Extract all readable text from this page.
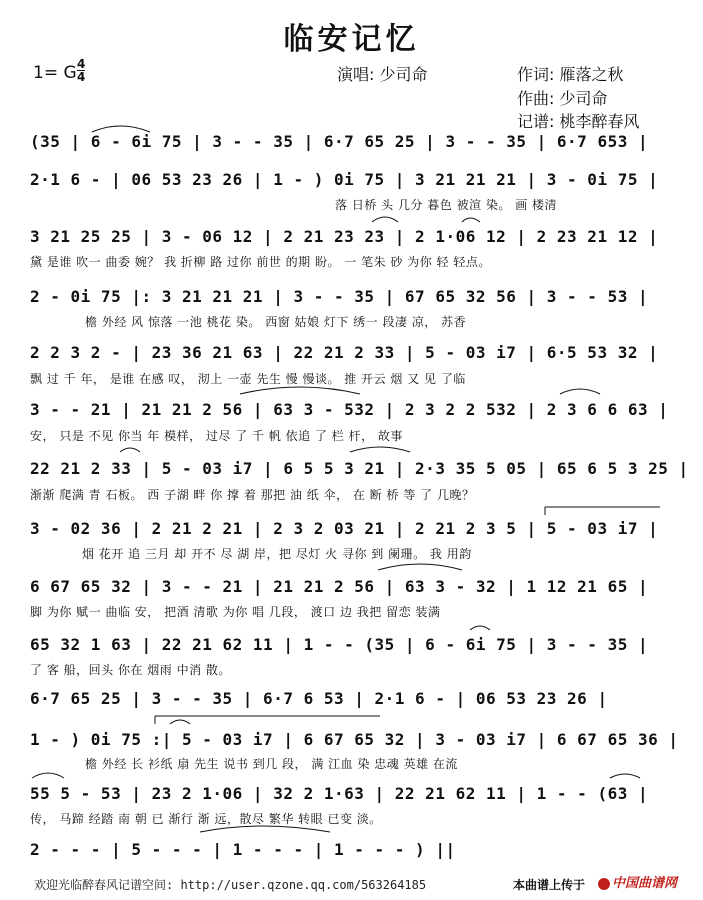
临安记忆
1= G 4
4	演唱: 少司命	作词: 雁落之秋
作曲: 少司命
记谱: 桃李醉春风
(35 | 6 - 6i 75 | 3 - - 35 | 6·7 65 25 | 3 - - 35 | 6·7 653 |
2·1 6 - | 06 53 23 26 | 1 - ) 0i 75 | 3 21 21 21 | 3 - 0i 75 |
落 日桥 头 几分 暮色 被渲 染。 画 楼清
3 21 25 25 | 3 - 06 12 | 2 21 23 23 | 2 1·06 12 | 2 23 21 12 |
黛 是谁 吹一 曲委 婉？ 我 折柳 路 过你 前世 的期 盼。 一 笔朱 砂 为你 轻 轻点。
2 - 0i 75 |: 3 21 21 21 | 3 - - 35 | 67 65 32 56 | 3 - - 53 |
檐 外经 风 惊落 一池 桃花 染。 西窗 姑娘 灯下 绣一 段凄 凉， 苏香
2 2 3 2 - | 23 36 21 63 | 22 21 2 33 | 5 - 03 i7 | 6·5 53 32 |
飘 过 千 年， 是谁 在感 叹， 沏上 一壶 先生 慢 慢谈。 推 开云 烟 又 见 了临
3 - - 21 | 21 21 2 56 | 63 3 - 532 | 2 3 2 2 532 | 2 3 6 6 63 |
安， 只是 不见 你当 年 模样， 过尽 了 千 帆 依追 了 栏 杆， 故事
22 21 2 33 | 5 - 03 i7 | 6 5 5 3 21 | 2·3 35 5 05 | 65 6 5 3 25 |
渐渐 爬满 青 石板。 西 子湖 畔 你 撑 着 那把 油 纸 伞， 在 断 桥 等 了 几晚？
3 - 02 36 | 2 21 2 21 | 2 3 2 03 21 | 2 21 2 3 5 | 5 - 03 i7 |
烟 花开 追 三月 却 开不 尽 湖 岸，把 尽灯 火 寻你 到 阑珊。 我 用韵
6 67 65 32 | 3 - - 21 | 21 21 2 56 | 63 3 - 32 | 1 12 21 65 |
脚 为你 赋一 曲临 安， 把酒 清歌 为你 唱 几段， 渡口 边 我把 留恋 装满
65 32 1 63 | 22 21 62 11 | 1 - - (35 | 6 - 6i 75 | 3 - - 35 |
了 客 船，回头 你在 烟雨 中消 散。
6·7 65 25 | 3 - - 35 | 6·7 6 53 | 2·1 6 - | 06 53 23 26 |
1 - ) 0i 75 :| 5 - 03 i7 | 6 67 65 32 | 3 - 03 i7 | 6 67 65 36 |
檐 外经 长 衫纸 扇 先生 说书 到几 段， 满 江血 染 忠魂 英雄 在流
55 5 - 53 | 23 2 1·06 | 32 2 1·63 | 22 21 62 11 | 1 - - (63 |
传， 马蹄 经踏 南 朝 已 渐行 渐 远，散尽 繁华 转眼 已变 淡。
2 - - - | 5 - - - | 1 - - - | 1 - - - ) ||
欢迎光临醉春风记谱空间: http://user.qzone.qq.com/563264185	本曲谱上传于	中国曲谱网
